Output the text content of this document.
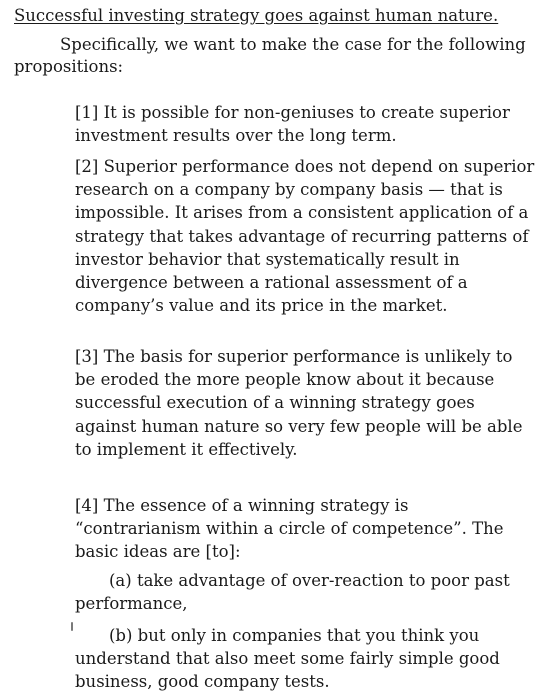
Successful investing strategy goes against human nature.

Specifically, we want to make the case for the following propositions:

[1] It is possible for non-geniuses to create superior investment results over the long term.

[2] Superior performance does not depend on superior research on a company by company basis — that is impossible. It arises from a consistent application of a strategy that takes advantage of recurring patterns of investor behavior that systematically result in divergence between a rational assessment of a company’s value and its price in the market.

[3] The basis for superior performance is unlikely to be eroded the more people know about it because successful execution of a winning strategy goes against human nature so very few people will be able to implement it effectively.

[4] The essence of a winning strategy is “contrarianism within a circle of competence”. The basic ideas are [to]:

(a) take advantage of over-reaction to poor past performance,

(b) but only in companies that you think you understand that also meet some fairly simple good business, good company tests.
